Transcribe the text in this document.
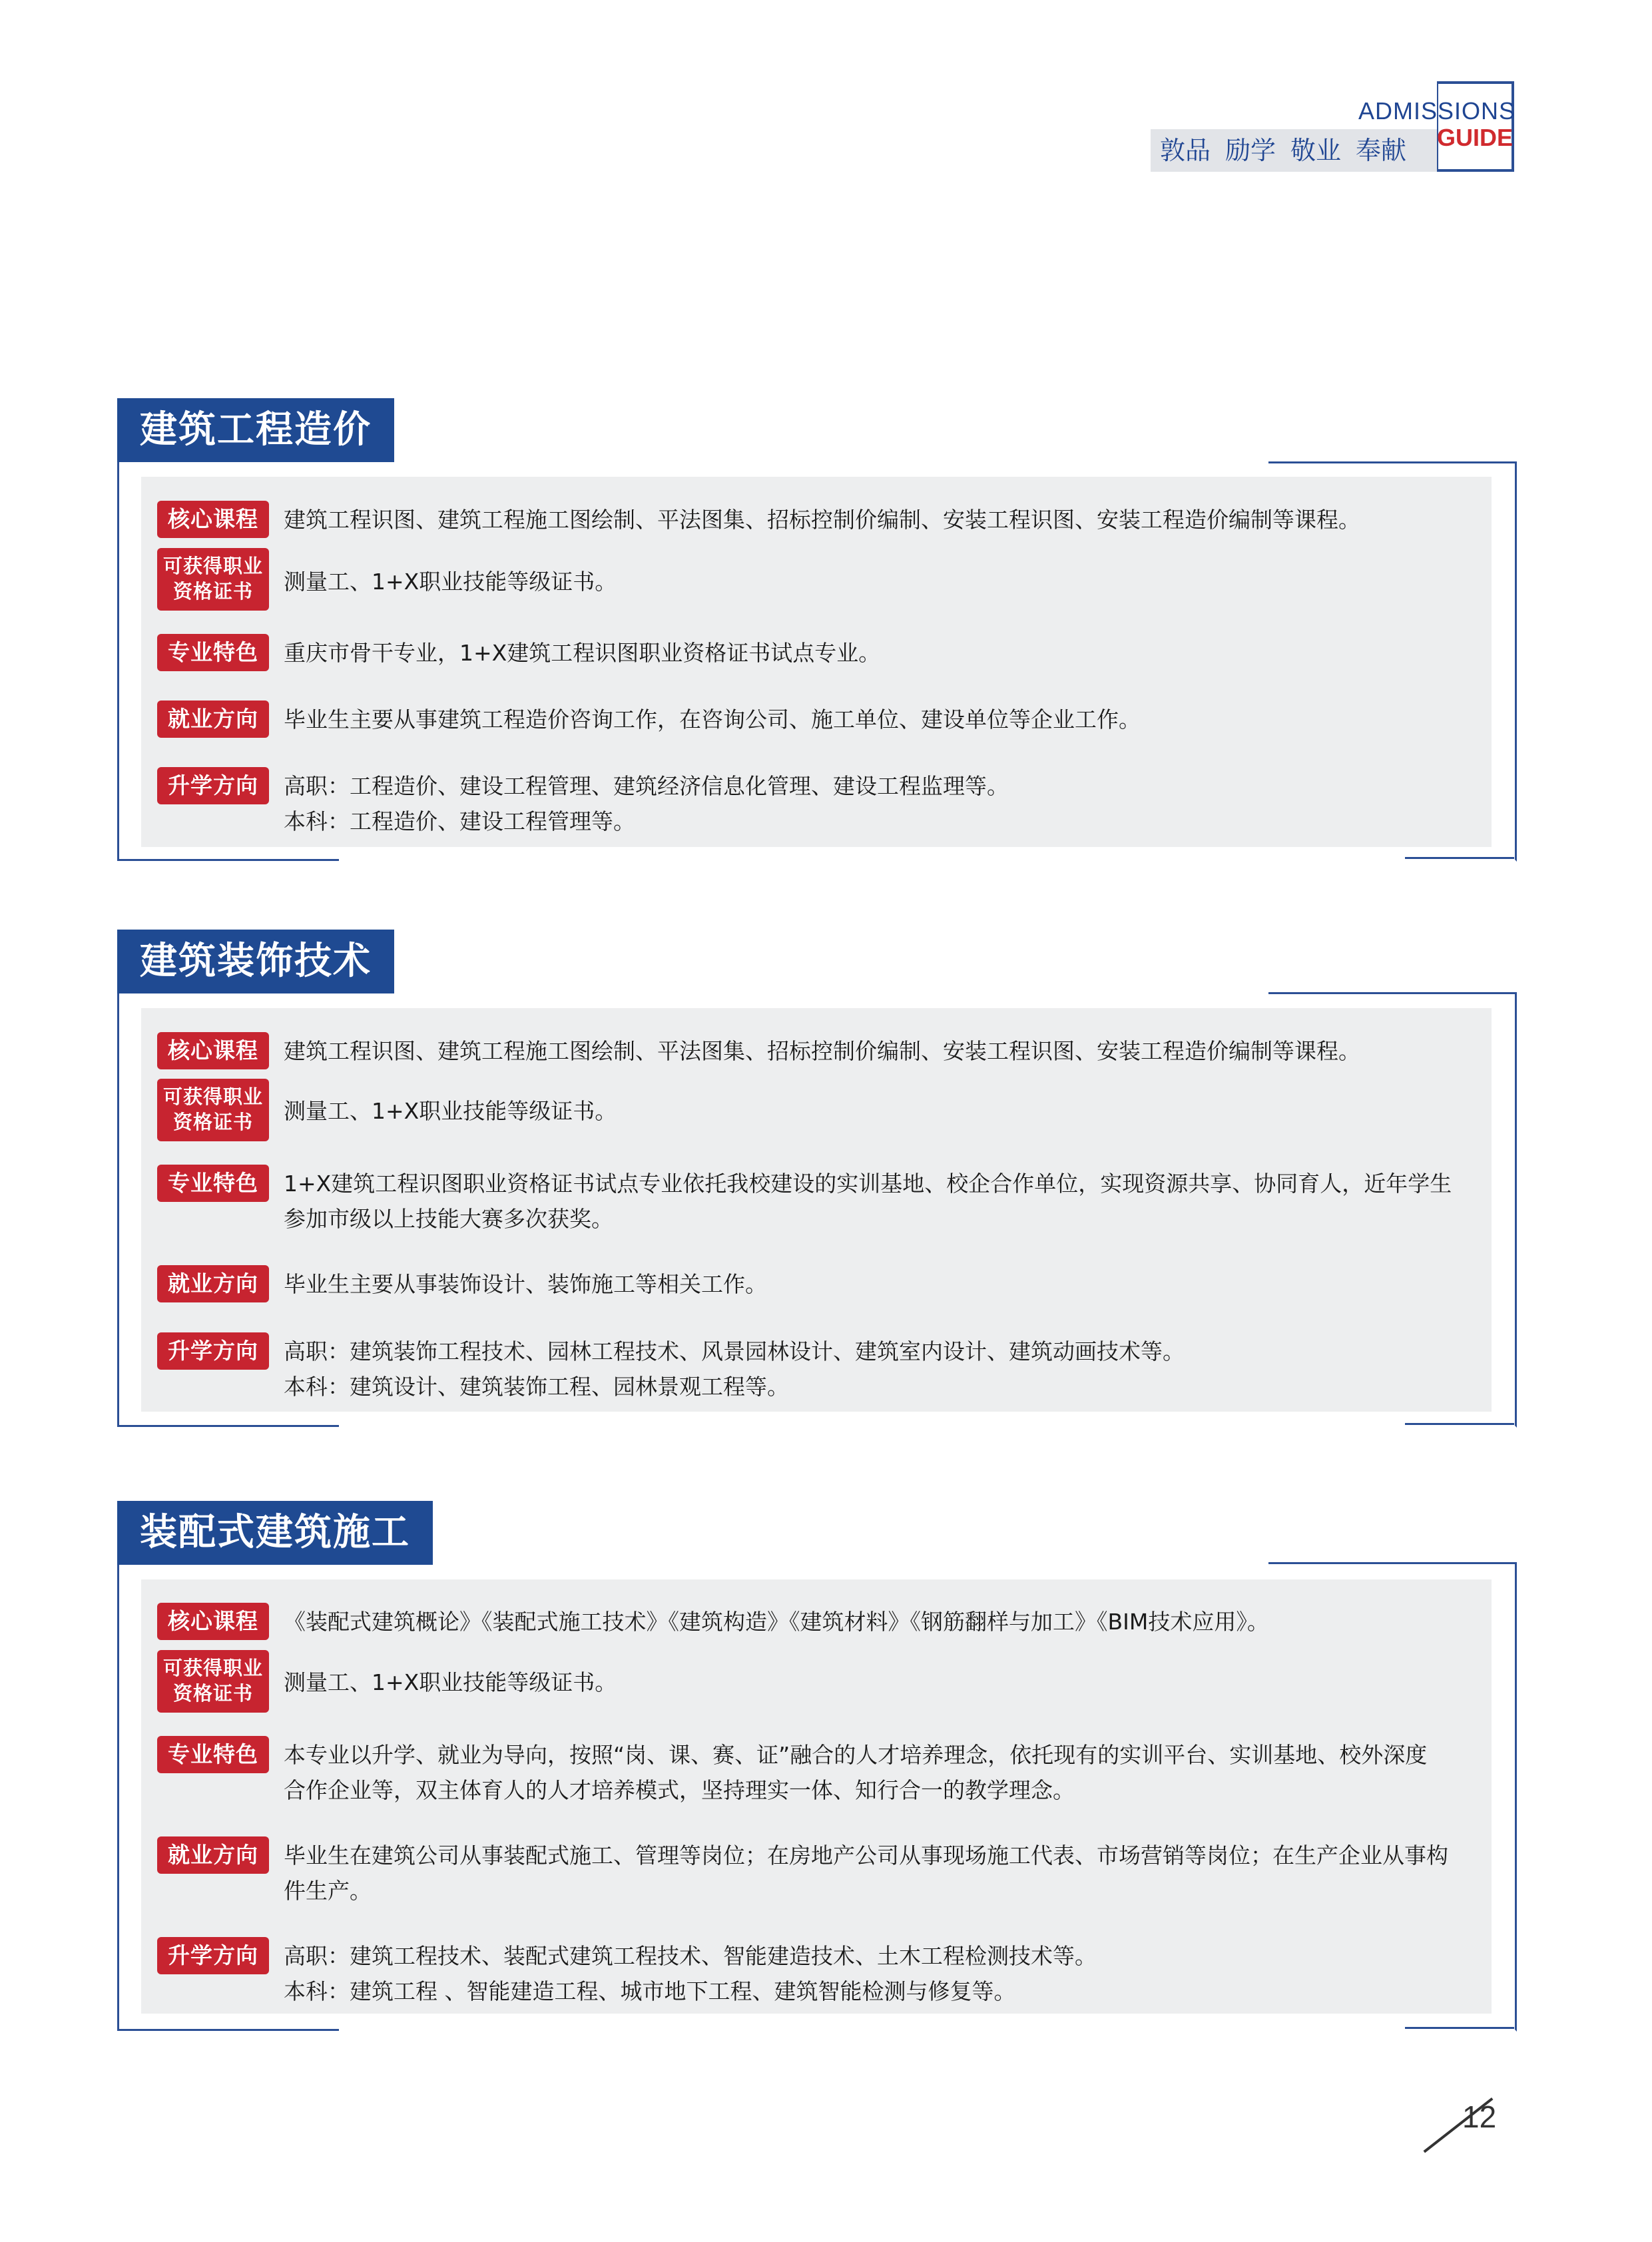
ADMISSIONS
GUIDE
敦品 励学 敬业 奉献
建筑工程造价
核心课程	建筑工程识图、建筑工程施工图绘制、平法图集、招标控制价编制、安装工程识图、安装工程造价编制等课程。
可获得职业
资格证书	测量工、1+X职业技能等级证书。
专业特色	重庆市骨干专业，1+X建筑工程识图职业资格证书试点专业。
就业方向	毕业生主要从事建筑工程造价咨询工作，在咨询公司、施工单位、建设单位等企业工作。
升学方向	高职：工程造价、建设工程管理、建筑经济信息化管理、建设工程监理等。
本科：工程造价、建设工程管理等。
建筑装饰技术
核心课程	建筑工程识图、建筑工程施工图绘制、平法图集、招标控制价编制、安装工程识图、安装工程造价编制等课程。
可获得职业
资格证书	测量工、1+X职业技能等级证书。
专业特色	1+X建筑工程识图职业资格证书试点专业依托我校建设的实训基地、校企合作单位，实现资源共享、协同育人，近年学生
参加市级以上技能大赛多次获奖。
就业方向	毕业生主要从事装饰设计、装饰施工等相关工作。
升学方向	高职：建筑装饰工程技术、园林工程技术、风景园林设计、建筑室内设计、建筑动画技术等。
本科：建筑设计、建筑装饰工程、园林景观工程等。
装配式建筑施工
核心课程	《装配式建筑概论》《装配式施工技术》《建筑构造》《建筑材料》《钢筋翻样与加工》《BIM技术应用》。
可获得职业
资格证书	测量工、1+X职业技能等级证书。
专业特色	本专业以升学、就业为导向，按照“岗、课、赛、证”融合的人才培养理念，依托现有的实训平台、实训基地、校外深度
合作企业等，双主体育人的人才培养模式，坚持理实一体、知行合一的教学理念。
就业方向	毕业生在建筑公司从事装配式施工、管理等岗位；在房地产公司从事现场施工代表、市场营销等岗位；在生产企业从事构
件生产。
升学方向	高职：建筑工程技术、装配式建筑工程技术、智能建造技术、土木工程检测技术等。
本科：建筑工程 、智能建造工程、城市地下工程、建筑智能检测与修复等。
12
